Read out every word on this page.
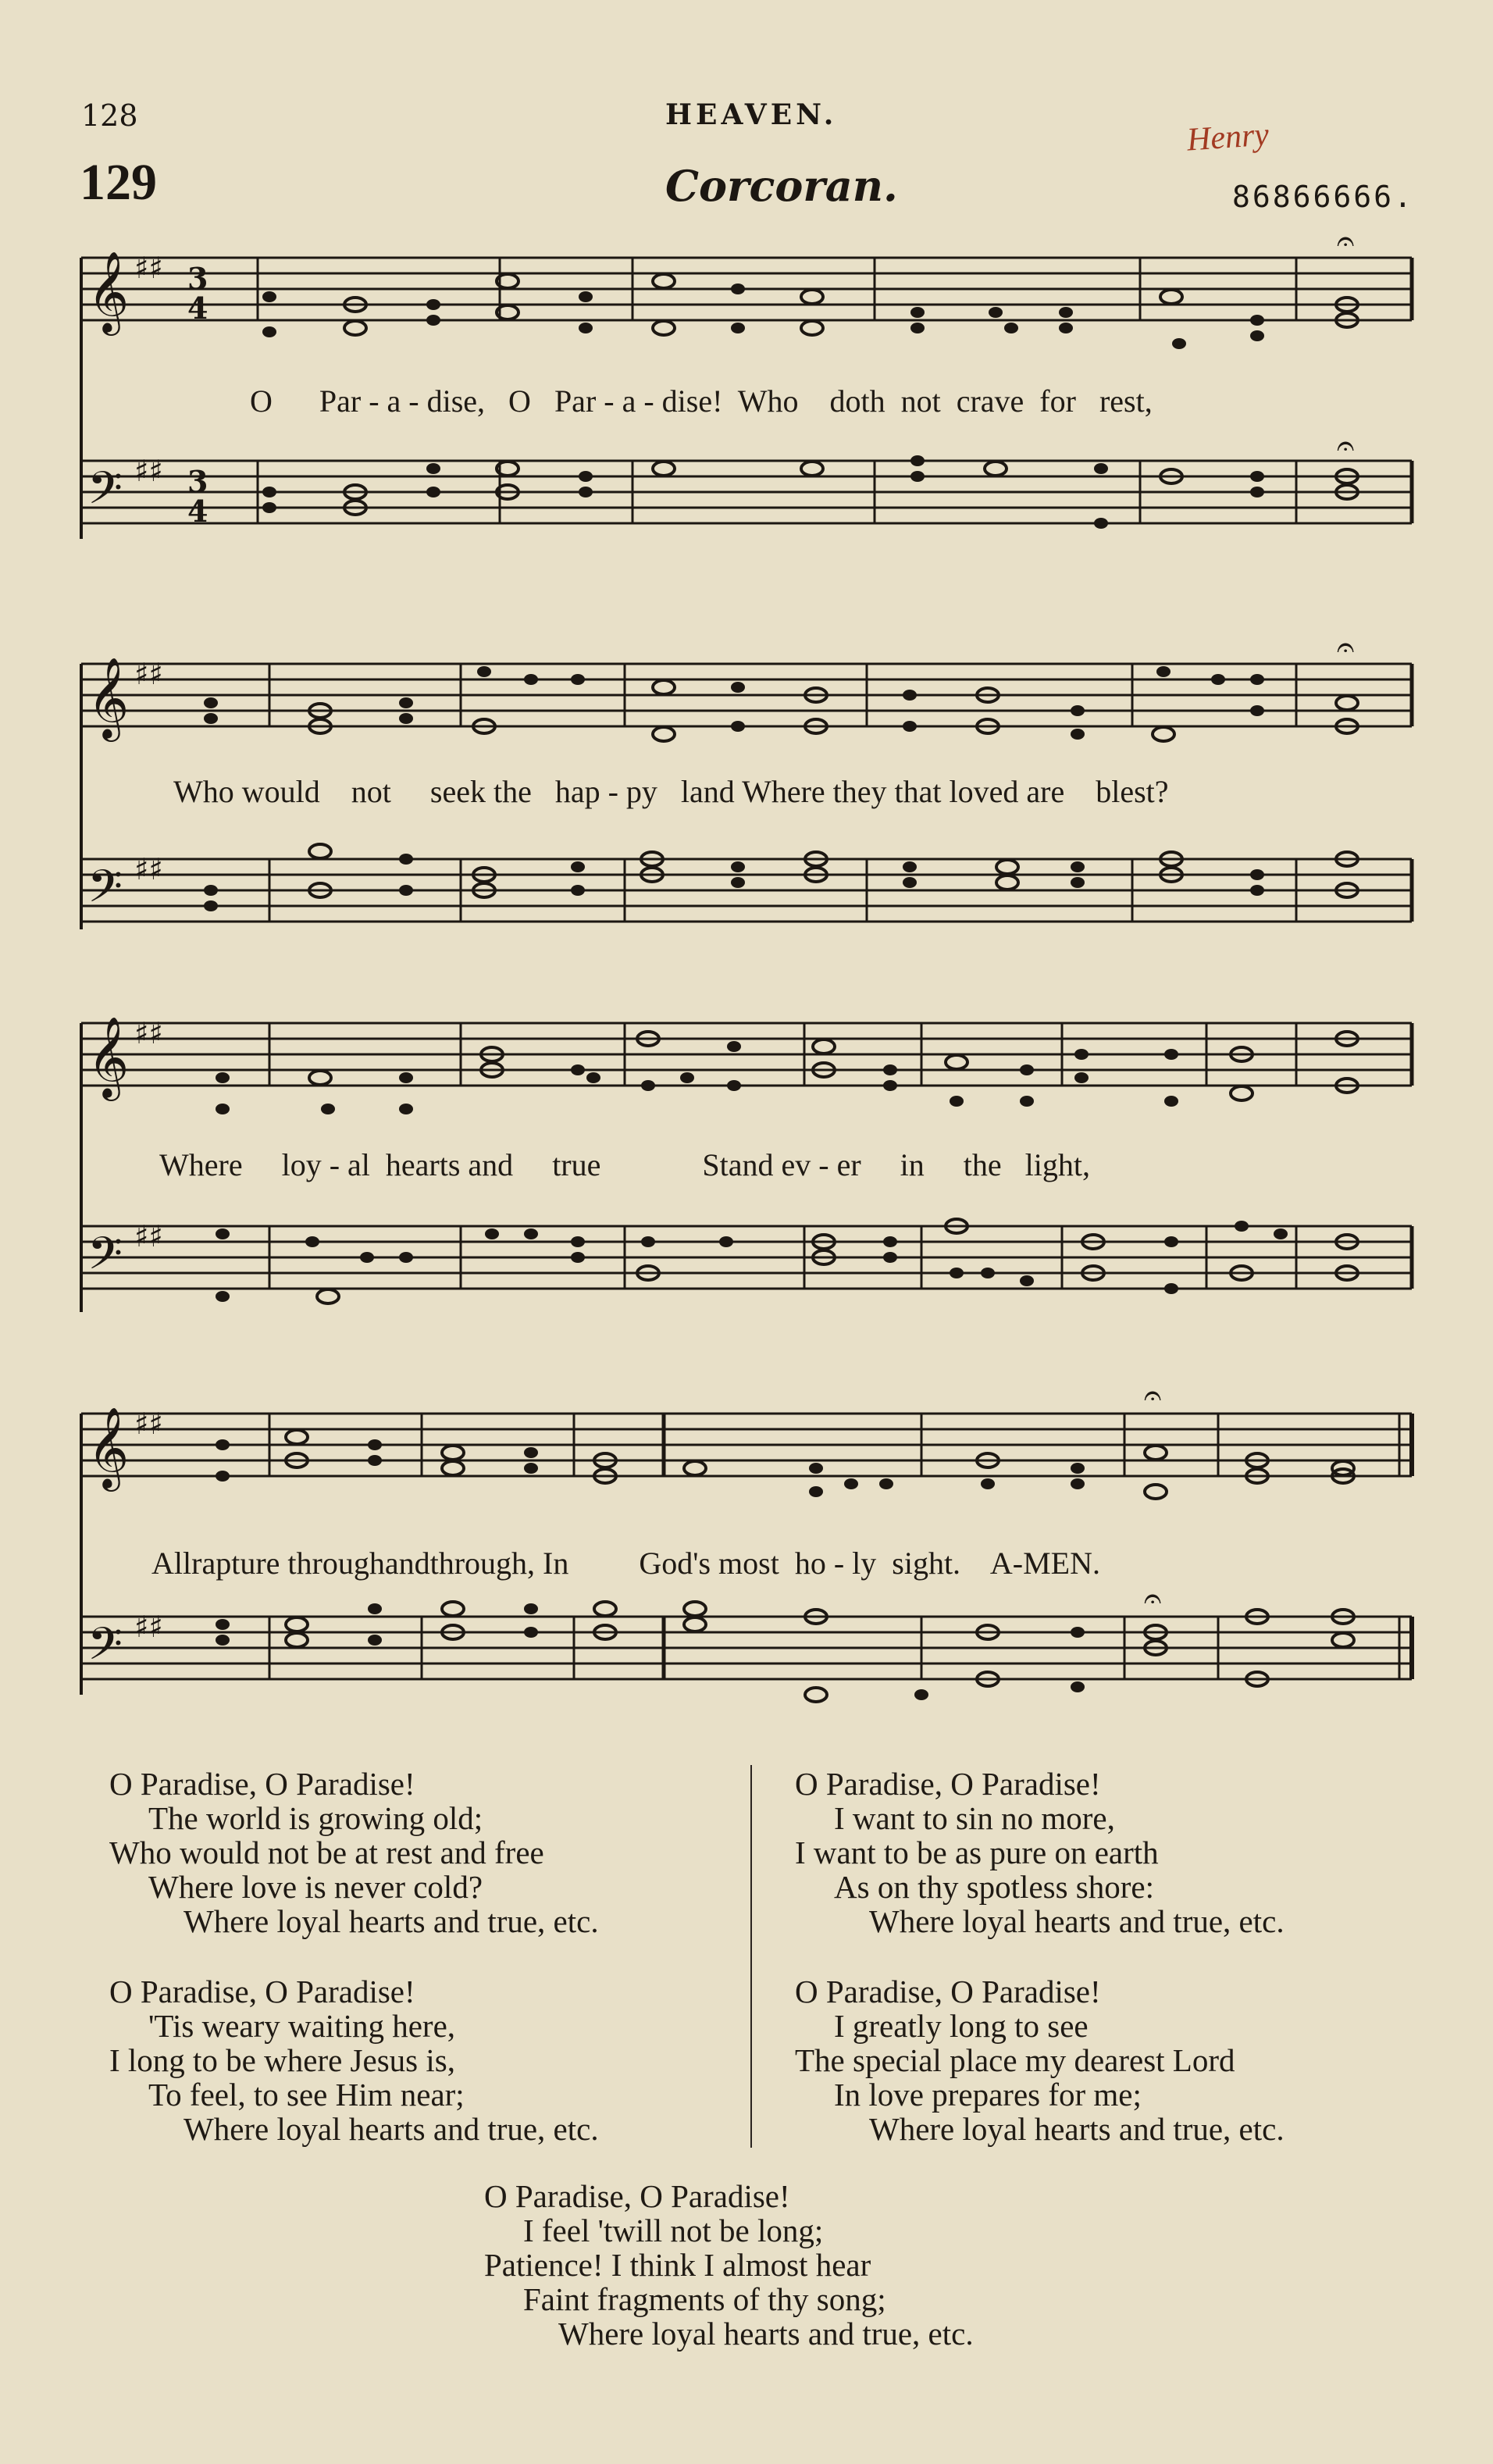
128	HEAVEN.
Henry
129	Corcoran.	86866666.
𝄞
𝄢
♯♯
♯♯
3
4
3
4
𝄐
𝄐
O Par - a - dise, O Par - a - dise! Who doth not crave for rest,
𝄞
𝄢
♯♯
♯♯
𝄐
Who would not seek the hap - py land Where they that loved are blest?
𝄞
𝄢
♯♯
♯♯
Where loy - al hearts and true	Stand ev - er in the light,
𝄞
𝄢
♯♯
♯♯
𝄐
𝄐
Allrapture throughandthrough, In God's most ho - ly sight. A-MEN.
O Paradise, O Paradise!
The world is growing old;
Who would not be at rest and free
Where love is never cold?
Where loyal hearts and true, etc.
O Paradise, O Paradise!
I want to sin no more,
I want to be as pure on earth
As on thy spotless shore:
Where loyal hearts and true, etc.
O Paradise, O Paradise!
'Tis weary waiting here,
I long to be where Jesus is,
To feel, to see Him near;
Where loyal hearts and true, etc.
O Paradise, O Paradise!
I greatly long to see
The special place my dearest Lord
In love prepares for me;
Where loyal hearts and true, etc.
O Paradise, O Paradise!
I feel 'twill not be long;
Patience! I think I almost hear
Faint fragments of thy song;
Where loyal hearts and true, etc.
